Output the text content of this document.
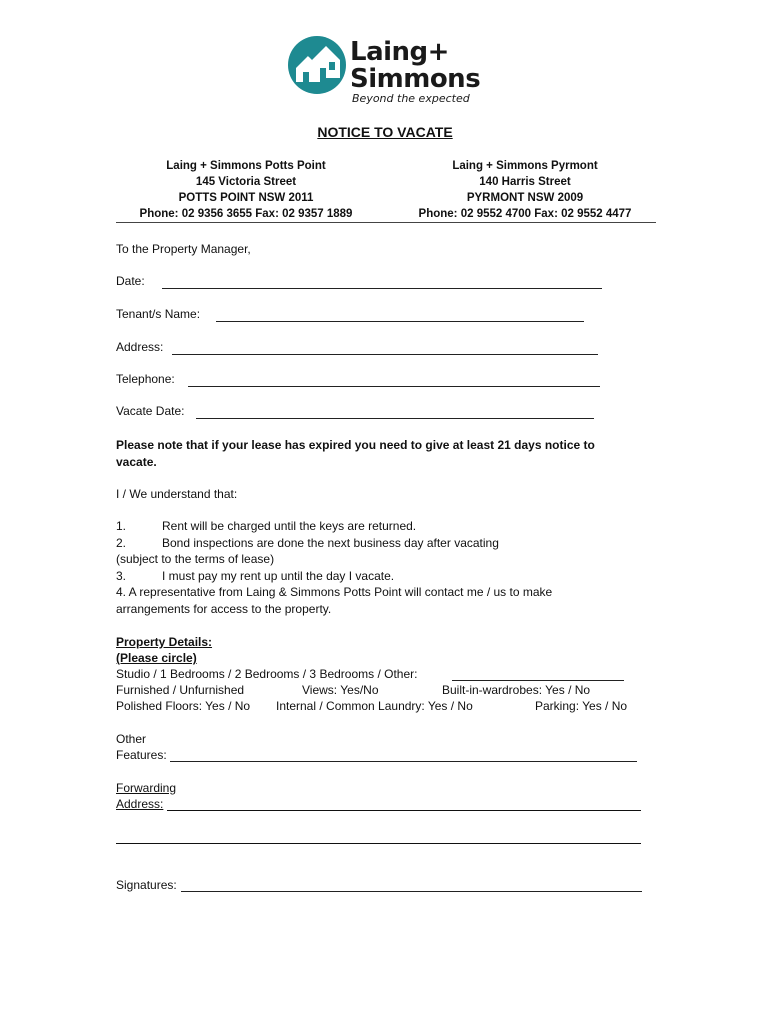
Laing+
Simmons
Beyond the expected
NOTICE TO VACATE
Laing + Simmons Potts Point
145 Victoria Street
POTTS POINT NSW 2011
Phone: 02 9356 3655 Fax: 02 9357 1889
Laing + Simmons Pyrmont
140 Harris Street
PYRMONT NSW 2009
Phone: 02 9552 4700 Fax: 02 9552 4477
To the Property Manager,
Date:
Tenant/s Name:
Address:
Telephone:
Vacate Date:
Please note that if your lease has expired you need to give at least 21 days notice to
vacate.
I / We understand that:
1.	Rent will be charged until the keys are returned.
2.	Bond inspections are done the next business day after vacating
(subject to the terms of lease)
3.	I must pay my rent up until the day I vacate.
4. A representative from Laing & Simmons Potts Point will contact me / us to make
arrangements for access to the property.
Property Details:
(Please circle)
Studio / 1 Bedrooms / 2 Bedrooms / 3 Bedrooms / Other:
Furnished / Unfurnished	Views: Yes/No	Built-in-wardrobes: Yes / No
Polished Floors: Yes / No Internal / Common Laundry: Yes / No	Parking: Yes / No
Other
Features:
Forwarding
Address:
Signatures:
